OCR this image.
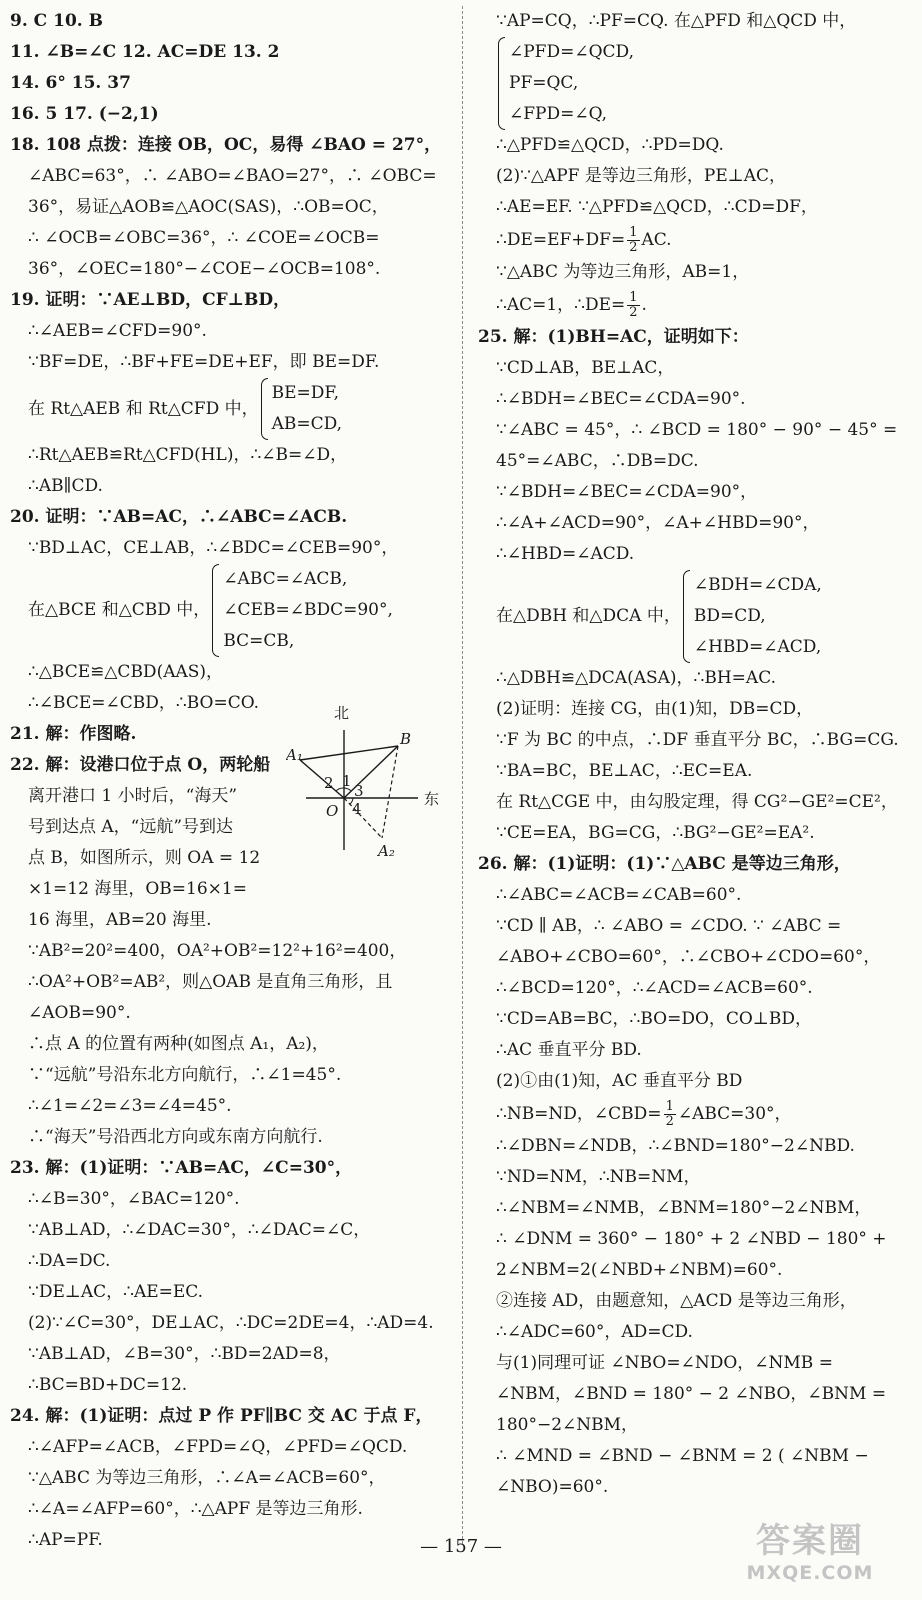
9. C 10. B
11. ∠B=∠C 12. AC=DE 13. 2
14. 6° 15. 37
16. 5 17. (−2,1)
18. 108 点拨：连接 OB，OC，易得 ∠BAO = 27°，
∠ABC=63°，∴ ∠ABO=∠BAO=27°，∴ ∠OBC=
36°，易证△AOB≌△AOC(SAS)，∴OB=OC，
∴ ∠OCB=∠OBC=36°，∴ ∠COE=∠OCB=
36°，∠OEC=180°−∠COE−∠OCB=108°.
19. 证明：∵AE⊥BD，CF⊥BD，
∴∠AEB=∠CFD=90°.
∵BF=DE，∴BF+FE=DE+EF，即 BE=DF.
在 Rt△AEB 和 Rt△CFD 中，
BE=DF,
AB=CD,
∴Rt△AEB≌Rt△CFD(HL)，∴∠B=∠D，
∴AB∥CD.
20. 证明：∵AB=AC，∴∠ABC=∠ACB.
∵BD⊥AC，CE⊥AB，∴∠BDC=∠CEB=90°，
在△BCE 和△CBD 中，
∠ABC=∠ACB,
∠CEB=∠BDC=90°,
BC=CB,
∴△BCE≌△CBD(AAS)，
∴∠BCE=∠CBD，∴BO=CO.
21. 解：作图略.
22. 解：设港口位于点 O，两轮船
离开港口 1 小时后，“海天”
号到达点 A，“远航”号到达
点 B，如图所示，则 OA = 12
×1=12 海里，OB=16×1=
16 海里，AB=20 海里.
∵AB²=20²=400，OA²+OB²=12²+16²=400，
∴OA²+OB²=AB²，则△OAB 是直角三角形，且
∠AOB=90°.
∴点 A 的位置有两种(如图点 A₁，A₂)，
∵“远航”号沿东北方向航行，∴∠1=45°.
∴∠1=∠2=∠3=∠4=45°.
∴“海天”号沿西北方向或东南方向航行.
23. 解：(1)证明：∵AB=AC，∠C=30°，
∴∠B=30°，∠BAC=120°.
∵AB⊥AD，∴∠DAC=30°，∴∠DAC=∠C，
∴DA=DC.
∵DE⊥AC，∴AE=EC.
(2)∵∠C=30°，DE⊥AC，∴DC=2DE=4，∴AD=4.
∵AB⊥AD，∠B=30°，∴BD=2AD=8，
∴BC=BD+DC=12.
24. 解：(1)证明：点过 P 作 PF∥BC 交 AC 于点 F，
∴∠AFP=∠ACB，∠FPD=∠Q，∠PFD=∠QCD.
∵△ABC 为等边三角形，∴∠A=∠ACB=60°，
∴∠A=∠AFP=60°，∴△APF 是等边三角形.
∴AP=PF.
北
东
A₁
B
O
A₂
2 1
3
4
∵AP=CQ，∴PF=CQ. 在△PFD 和△QCD 中，
∠PFD=∠QCD,
PF=QC,
∠FPD=∠Q,
∴△PFD≌△QCD，∴PD=DQ.
(2)∵△APF 是等边三角形，PE⊥AC，
∴AE=EF. ∵△PFD≌△QCD，∴CD=DF，
∴DE=EF+DF= $\frac{1}{2}$ AC.
∵△ABC 为等边三角形，AB=1，
∴AC=1，∴DE= $\frac{1}{2}$ .
25. 解：(1)BH=AC，证明如下：
∵CD⊥AB，BE⊥AC，
∴∠BDH=∠BEC=∠CDA=90°.
∵∠ABC = 45°，∴ ∠BCD = 180° − 90° − 45° =
45°=∠ABC，∴DB=DC.
∵∠BDH=∠BEC=∠CDA=90°，
∴∠A+∠ACD=90°，∠A+∠HBD=90°，
∴∠HBD=∠ACD.
在△DBH 和△DCA 中，
∠BDH=∠CDA,
BD=CD,
∠HBD=∠ACD,
∴△DBH≌△DCA(ASA)，∴BH=AC.
(2)证明：连接 CG，由(1)知，DB=CD，
∵F 为 BC 的中点，∴DF 垂直平分 BC，∴BG=CG.
∵BA=BC，BE⊥AC，∴EC=EA.
在 Rt△CGE 中，由勾股定理，得 CG²−GE²=CE²，
∵CE=EA，BG=CG，∴BG²−GE²=EA².
26. 解：(1)证明：(1)∵△ABC 是等边三角形，
∴∠ABC=∠ACB=∠CAB=60°.
∵CD ∥ AB，∴ ∠ABO = ∠CDO. ∵ ∠ABC =
∠ABO+∠CBO=60°，∴∠CBO+∠CDO=60°，
∴∠BCD=120°，∴∠ACD=∠ACB=60°.
∵CD=AB=BC，∴BO=DO，CO⊥BD，
∴AC 垂直平分 BD.
(2)①由(1)知，AC 垂直平分 BD
∴NB=ND，∠CBD= $\frac{1}{2}$ ∠ABC=30°，
∴∠DBN=∠NDB，∴∠BND=180°−2∠NBD.
∵ND=NM，∴NB=NM，
∴∠NBM=∠NMB，∠BNM=180°−2∠NBM，
∴ ∠DNM = 360° − 180° + 2 ∠NBD − 180° +
2∠NBM=2(∠NBD+∠NBM)=60°.
②连接 AD，由题意知，△ACD 是等边三角形，
∴∠ADC=60°，AD=CD.
与(1)同理可证 ∠NBO=∠NDO，∠NMB =
∠NBM，∠BND = 180° − 2 ∠NBO，∠BNM =
180°−2∠NBM，
∴ ∠MND = ∠BND − ∠BNM = 2 ( ∠NBM −
∠NBO)=60°.
— 157 —	答案圈
MXQE.COM
